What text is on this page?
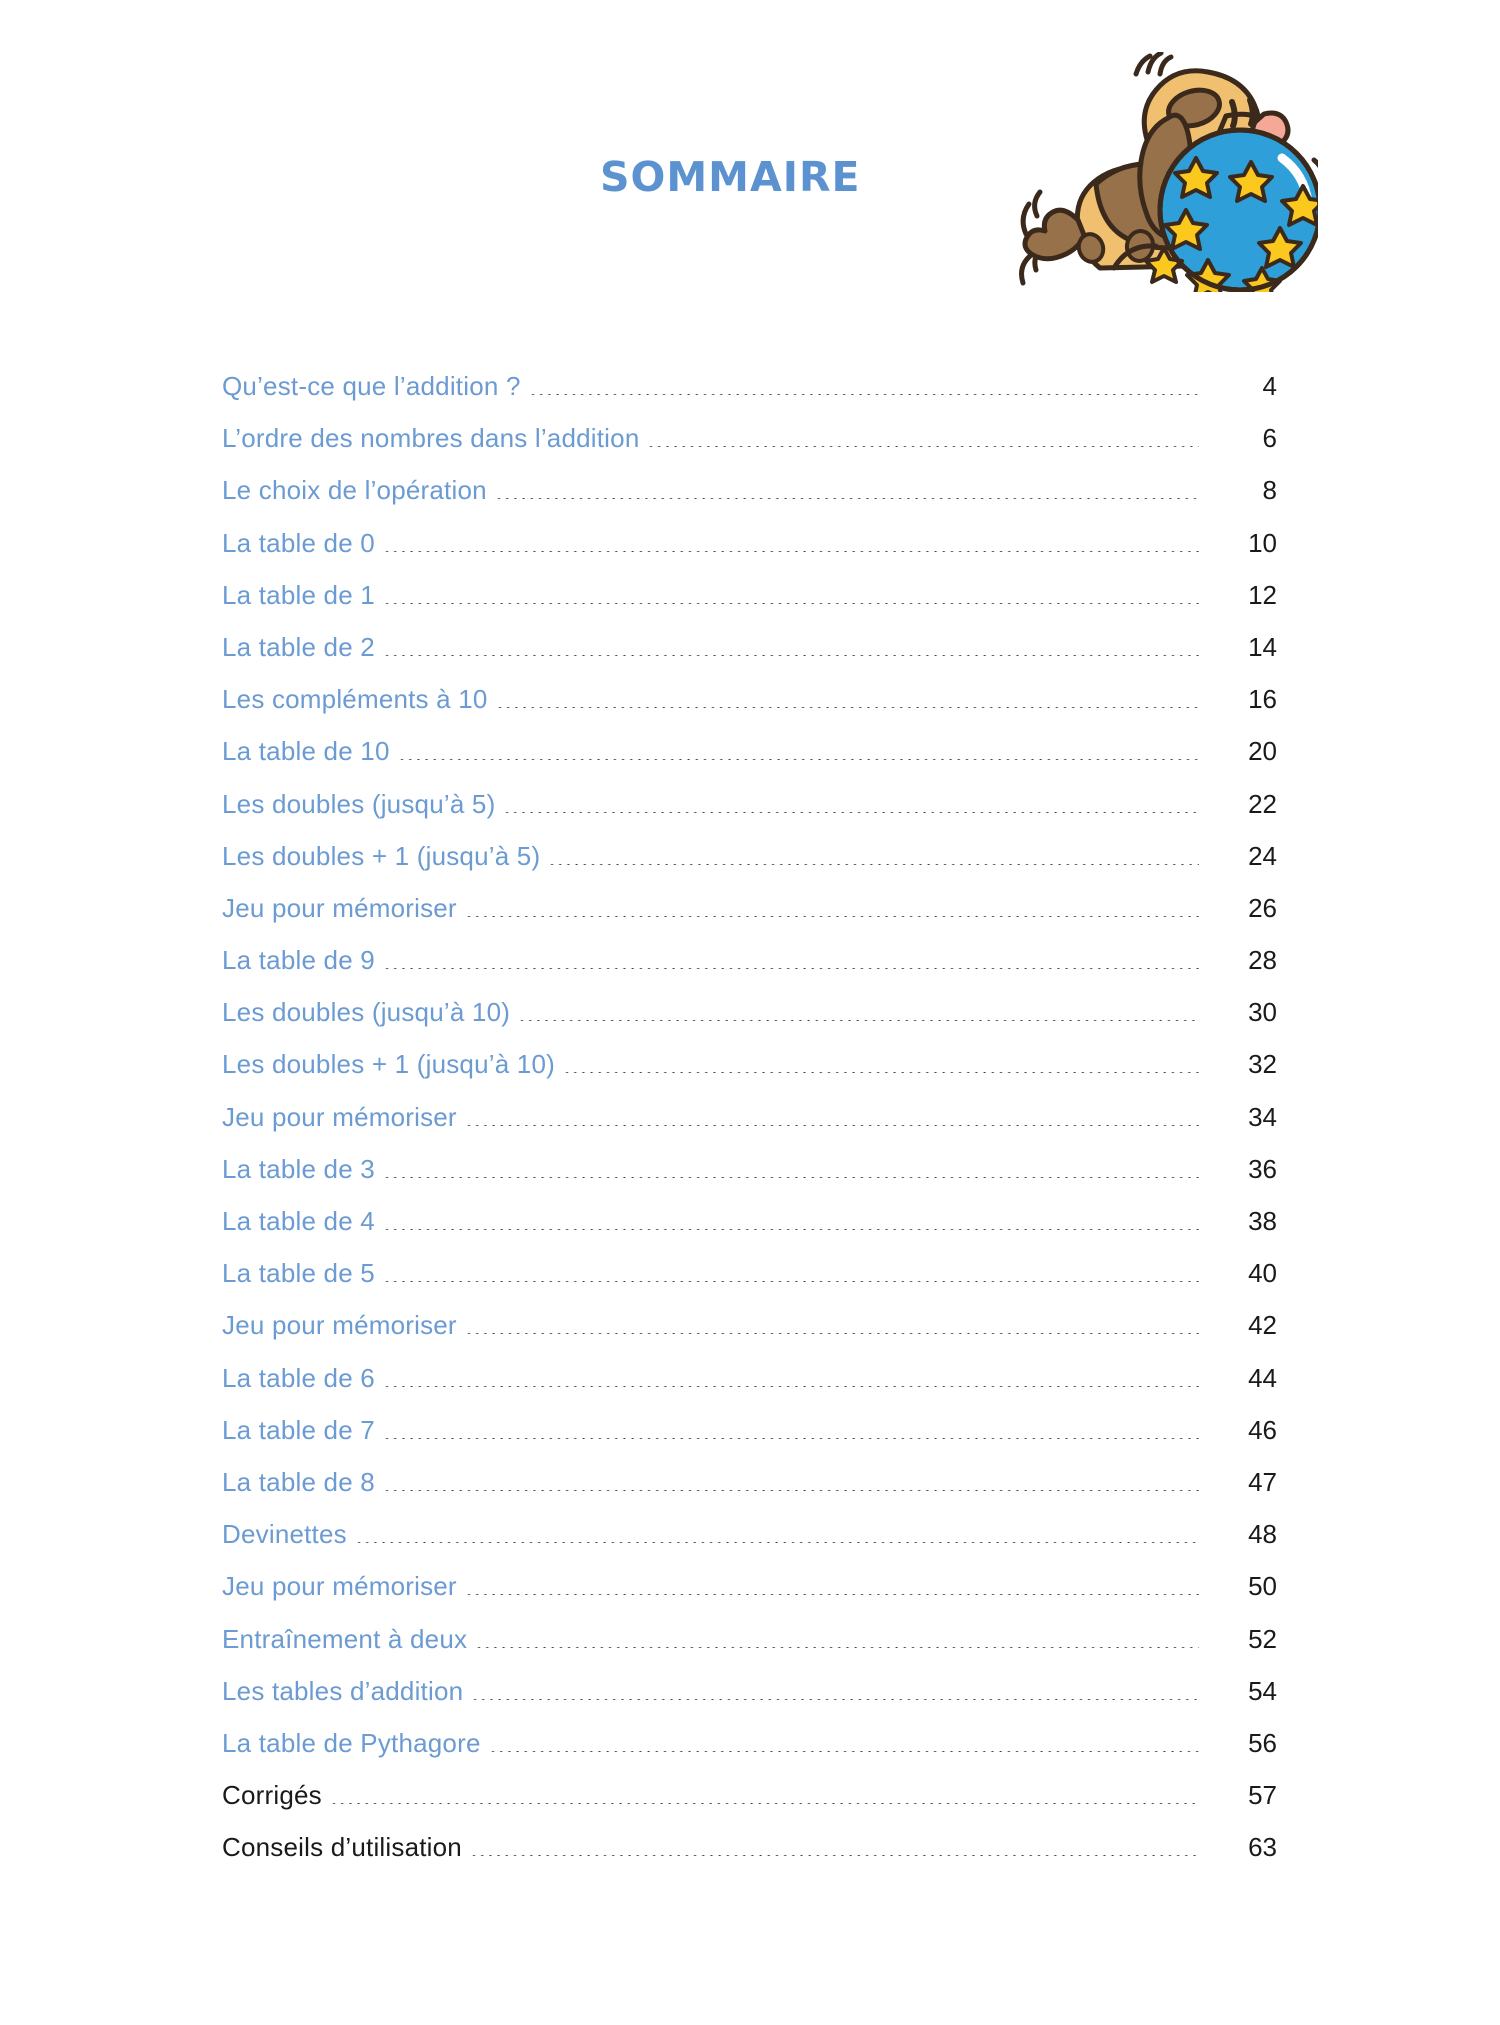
sommaire
Qu’est-ce que l’addition ?	4
L’ordre des nombres dans l’addition	6
Le choix de l’opération	8
La table de 0	10
La table de 1	12
La table de 2	14
Les compléments à 10	16
La table de 10	20
Les doubles (jusqu’à 5)	22
Les doubles + 1 (jusqu’à 5)	24
Jeu pour mémoriser	26
La table de 9	28
Les doubles (jusqu’à 10)	30
Les doubles + 1 (jusqu’à 10)	32
Jeu pour mémoriser	34
La table de 3	36
La table de 4	38
La table de 5	40
Jeu pour mémoriser	42
La table de 6	44
La table de 7	46
La table de 8	47
Devinettes	48
Jeu pour mémoriser	50
Entraînement à deux	52
Les tables d’addition	54
La table de Pythagore	56
Corrigés	57
Conseils d’utilisation	63
